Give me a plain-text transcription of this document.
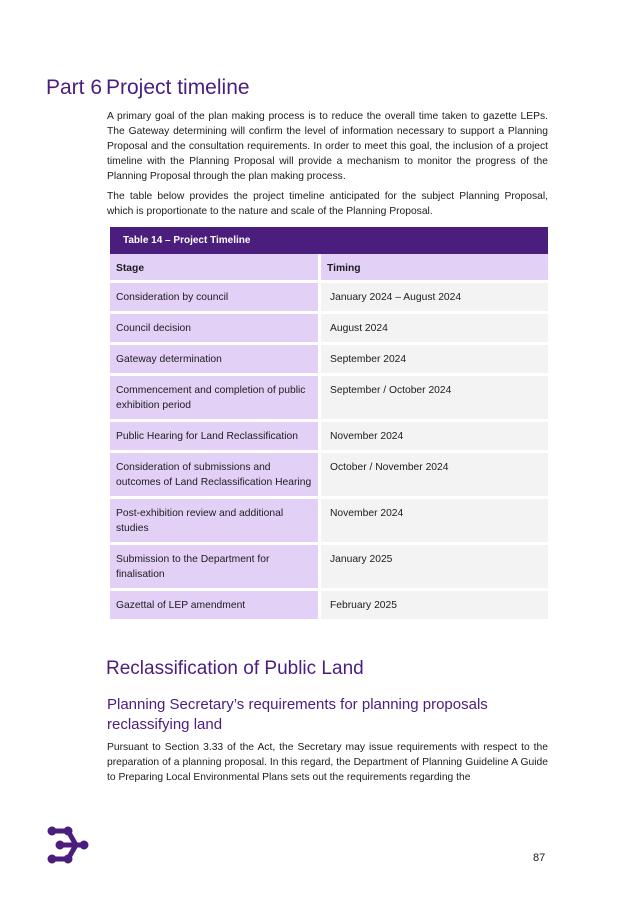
Part 6 Project timeline

A primary goal of the plan making process is to reduce the overall time taken to gazette LEPs. The Gateway determining will confirm the level of information necessary to support a Planning Proposal and the consultation requirements. In order to meet this goal, the inclusion of a project timeline with the Planning Proposal will provide a mechanism to monitor the progress of the Planning Proposal through the plan making process.

The table below provides the project timeline anticipated for the subject Planning Proposal, which is proportionate to the nature and scale of the Planning Proposal.

Table 14 – Project Timeline
Stage	Timing
Consideration by council	January 2024 – August 2024
Council decision	August 2024
Gateway determination	September 2024
Commencement and completion of public exhibition period	September / October 2024
Public Hearing for Land Reclassification	November 2024
Consideration of submissions and outcomes of Land Reclassification Hearing	October / November 2024
Post-exhibition review and additional studies	November 2024
Submission to the Department for finalisation	January 2025
Gazettal of LEP amendment	February 2025
Reclassification of Public Land
Planning Secretary’s requirements for planning proposals reclassifying land

Pursuant to Section 3.33 of the Act, the Secretary may issue requirements with respect to the preparation of a planning proposal. In this regard, the Department of Planning Guideline A Guide to Preparing Local Environmental Plans sets out the requirements regarding the

87
